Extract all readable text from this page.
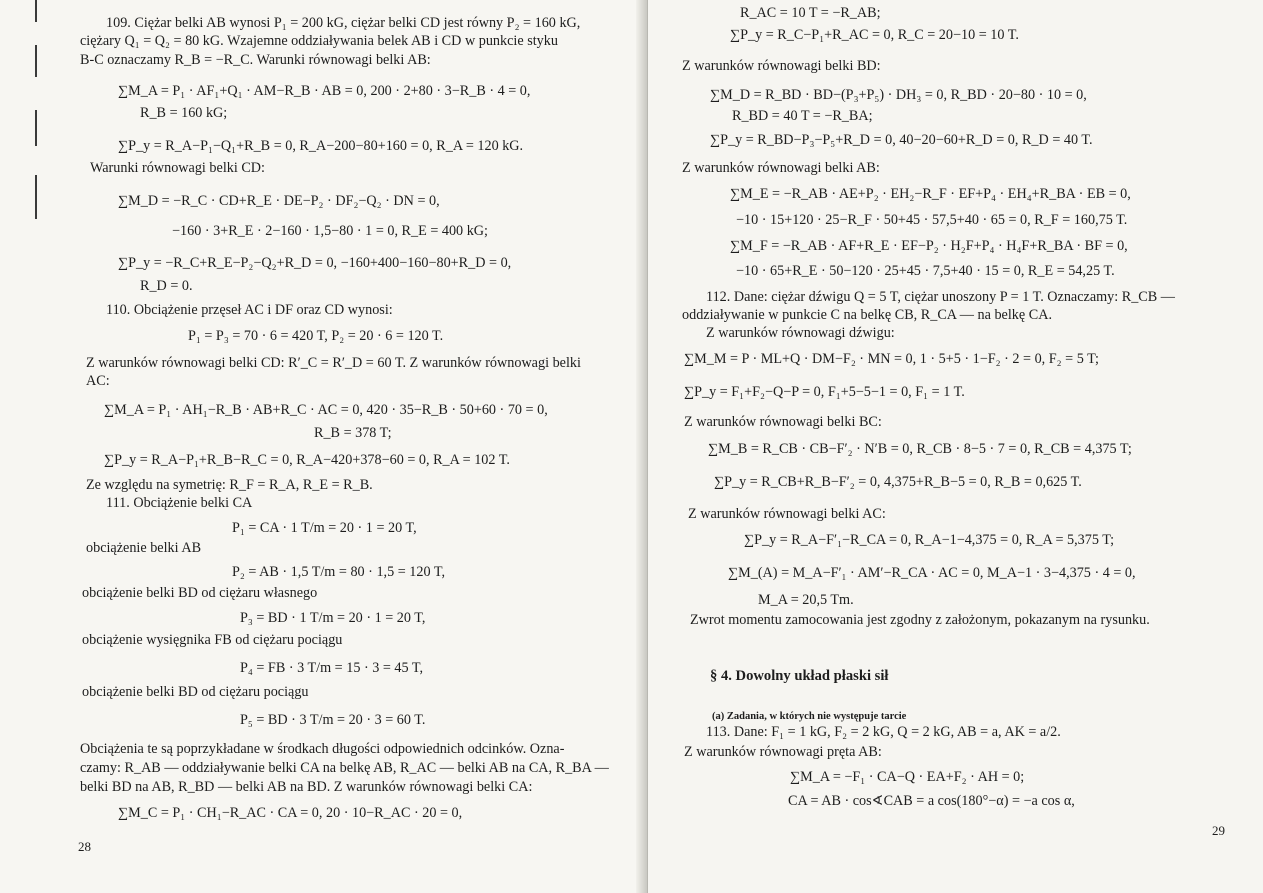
109. Ciężar belki AB wynosi P₁ = 200 kG, ciężar belki CD jest równy P₂ = 160 kG,
ciężary Q₁ = Q₂ = 80 kG. Wzajemne oddziaływania belek AB i CD w punkcie styku
B-C oznaczamy R_B = −R_C. Warunki równowagi belki AB:
∑M_A = P₁ · AF₁+Q₁ · AM−R_B · AB = 0, 200 · 2+80 · 3−R_B · 4 = 0,
R_B = 160 kG;
∑P_y = R_A−P₁−Q₁+R_B = 0, R_A−200−80+160 = 0, R_A = 120 kG.
Warunki równowagi belki CD:
∑M_D = −R_C · CD+R_E · DE−P₂ · DF₂−Q₂ · DN = 0,
−160 · 3+R_E · 2−160 · 1,5−80 · 1 = 0, R_E = 400 kG;
∑P_y = −R_C+R_E−P₂−Q₂+R_D = 0, −160+400−160−80+R_D = 0,
R_D = 0.
110. Obciążenie przęseł AC i DF oraz CD wynosi:
P₁ = P₃ = 70 · 6 = 420 T, P₂ = 20 · 6 = 120 T.
Z warunków równowagi belki CD: R′_C = R′_D = 60 T. Z warunków równowagi belki
AC:
∑M_A = P₁ · AH₁−R_B · AB+R_C · AC = 0, 420 · 35−R_B · 50+60 · 70 = 0,
R_B = 378 T;
∑P_y = R_A−P₁+R_B−R_C = 0, R_A−420+378−60 = 0, R_A = 102 T.
Ze względu na symetrię: R_F = R_A, R_E = R_B.
111. Obciążenie belki CA
P₁ = CA · 1 T/m = 20 · 1 = 20 T,
obciążenie belki AB
P₂ = AB · 1,5 T/m = 80 · 1,5 = 120 T,
obciążenie belki BD od ciężaru własnego
P₃ = BD · 1 T/m = 20 · 1 = 20 T,
obciążenie wysięgnika FB od ciężaru pociągu
P₄ = FB · 3 T/m = 15 · 3 = 45 T,
obciążenie belki BD od ciężaru pociągu
P₅ = BD · 3 T/m = 20 · 3 = 60 T.
Obciążenia te są poprzykładane w środkach długości odpowiednich odcinków. Ozna-
czamy: R_AB — oddziaływanie belki CA na belkę AB, R_AC — belki AB na CA, R_BA —
belki BD na AB, R_BD — belki AB na BD. Z warunków równowagi belki CA:
∑M_C = P₁ · CH₁−R_AC · CA = 0, 20 · 10−R_AC · 20 = 0,
28
R_AC = 10 T = −R_AB;
∑P_y = R_C−P₁+R_AC = 0, R_C = 20−10 = 10 T.
Z warunków równowagi belki BD:
∑M_D = R_BD · BD−(P₃+P₅) · DH₃ = 0, R_BD · 20−80 · 10 = 0,
R_BD = 40 T = −R_BA;
∑P_y = R_BD−P₃−P₅+R_D = 0, 40−20−60+R_D = 0, R_D = 40 T.
Z warunków równowagi belki AB:
∑M_E = −R_AB · AE+P₂ · EH₂−R_F · EF+P₄ · EH₄+R_BA · EB = 0,
−10 · 15+120 · 25−R_F · 50+45 · 57,5+40 · 65 = 0, R_F = 160,75 T.
∑M_F = −R_AB · AF+R_E · EF−P₂ · H₂F+P₄ · H₄F+R_BA · BF = 0,
−10 · 65+R_E · 50−120 · 25+45 · 7,5+40 · 15 = 0, R_E = 54,25 T.
112. Dane: ciężar dźwigu Q = 5 T, ciężar unoszony P = 1 T. Oznaczamy: R_CB —
oddziaływanie w punkcie C na belkę CB, R_CA — na belkę CA.
Z warunków równowagi dźwigu:
∑M_M = P · ML+Q · DM−F₂ · MN = 0, 1 · 5+5 · 1−F₂ · 2 = 0, F₂ = 5 T;
∑P_y = F₁+F₂−Q−P = 0, F₁+5−5−1 = 0, F₁ = 1 T.
Z warunków równowagi belki BC:
∑M_B = R_CB · CB−F′₂ · N′B = 0, R_CB · 8−5 · 7 = 0, R_CB = 4,375 T;
∑P_y = R_CB+R_B−F′₂ = 0, 4,375+R_B−5 = 0, R_B = 0,625 T.
Z warunków równowagi belki AC:
∑P_y = R_A−F′₁−R_CA = 0, R_A−1−4,375 = 0, R_A = 5,375 T;
∑M_(A) = M_A−F′₁ · AM′−R_CA · AC = 0, M_A−1 · 3−4,375 · 4 = 0,
M_A = 20,5 Tm.
Zwrot momentu zamocowania jest zgodny z założonym, pokazanym na rysunku.
§ 4. Dowolny układ płaski sił
(a) Zadania, w których nie występuje tarcie
113. Dane: F₁ = 1 kG, F₂ = 2 kG, Q = 2 kG, AB = a, AK = a/2.
Z warunków równowagi pręta AB:
∑M_A = −F₁ · CA−Q · EA+F₂ · AH = 0;
CA = AB · cos∢CAB = a cos(180°−α) = −a cos α,
29
